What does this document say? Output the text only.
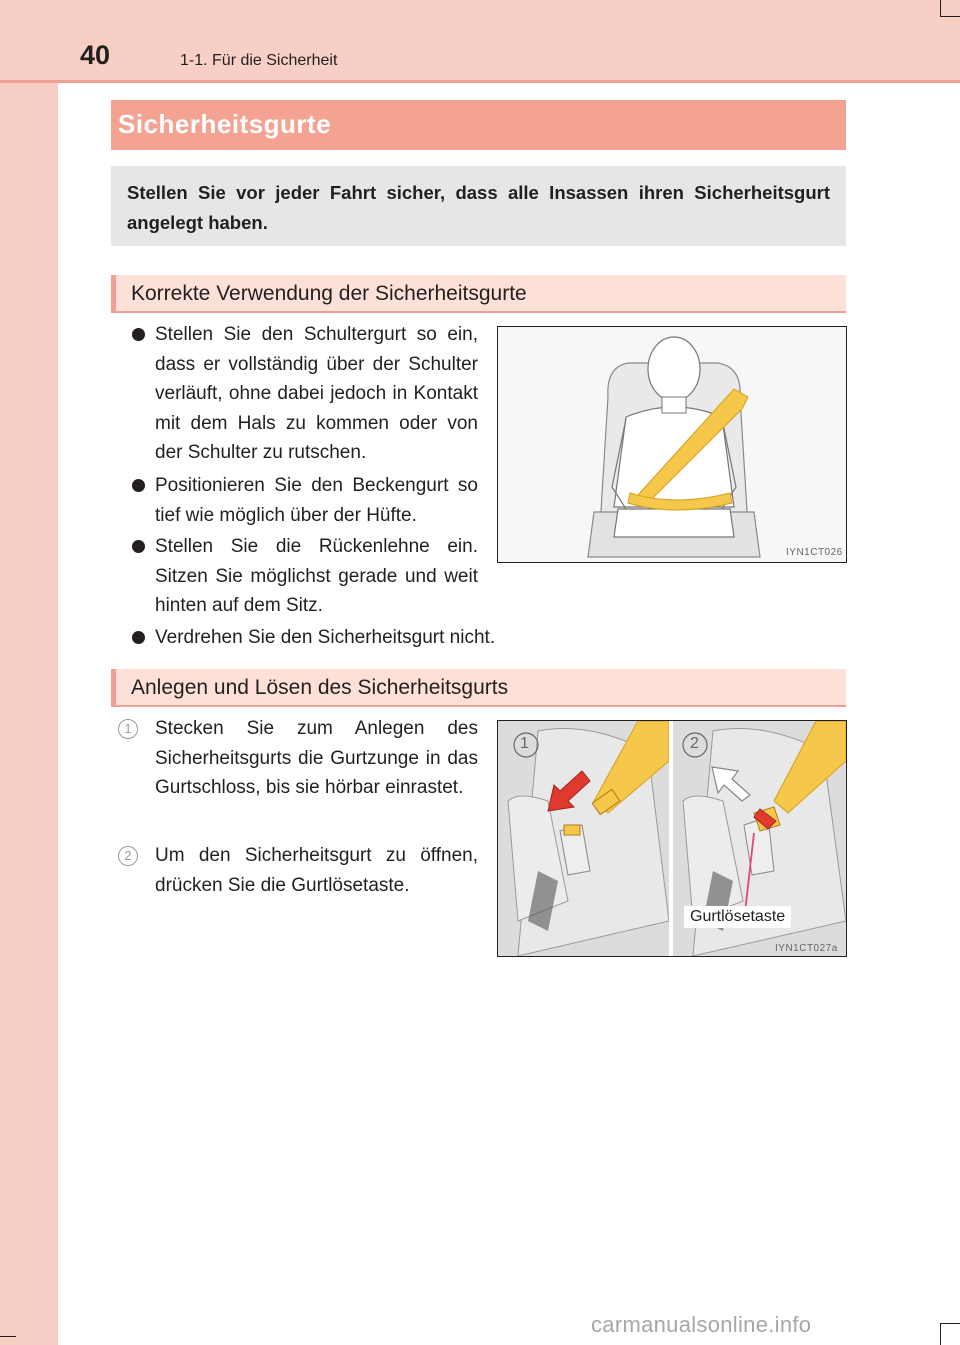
40	1-1. Für die Sicherheit
Sicherheitsgurte
Stellen Sie vor jeder Fahrt sicher, dass alle Insassen ihren Sicherheitsgurt angelegt haben.
Korrekte Verwendung der Sicherheitsgurte
Stellen Sie den Schultergurt so ein, dass er vollständig über der Schulter verläuft, ohne dabei jedoch in Kontakt mit dem Hals zu kommen oder von der Schulter zu rutschen.
Positionieren Sie den Beckengurt so tief wie möglich über der Hüfte.
Stellen Sie die Rückenlehne ein. Sitzen Sie möglichst gerade und weit hinten auf dem Sitz.
Verdrehen Sie den Sicherheitsgurt nicht.
IYN1CT026
Anlegen und Lösen des Sicherheitsgurts
1	Stecken Sie zum Anlegen des Sicherheitsgurts die Gurtzunge in das Gurtschloss, bis sie hörbar einrastet.
2	Um den Sicherheitsgurt zu öffnen, drücken Sie die Gurtlösetaste.
1	2
IYN1CT027a
Gurtlösetaste
carmanualsonline.info
